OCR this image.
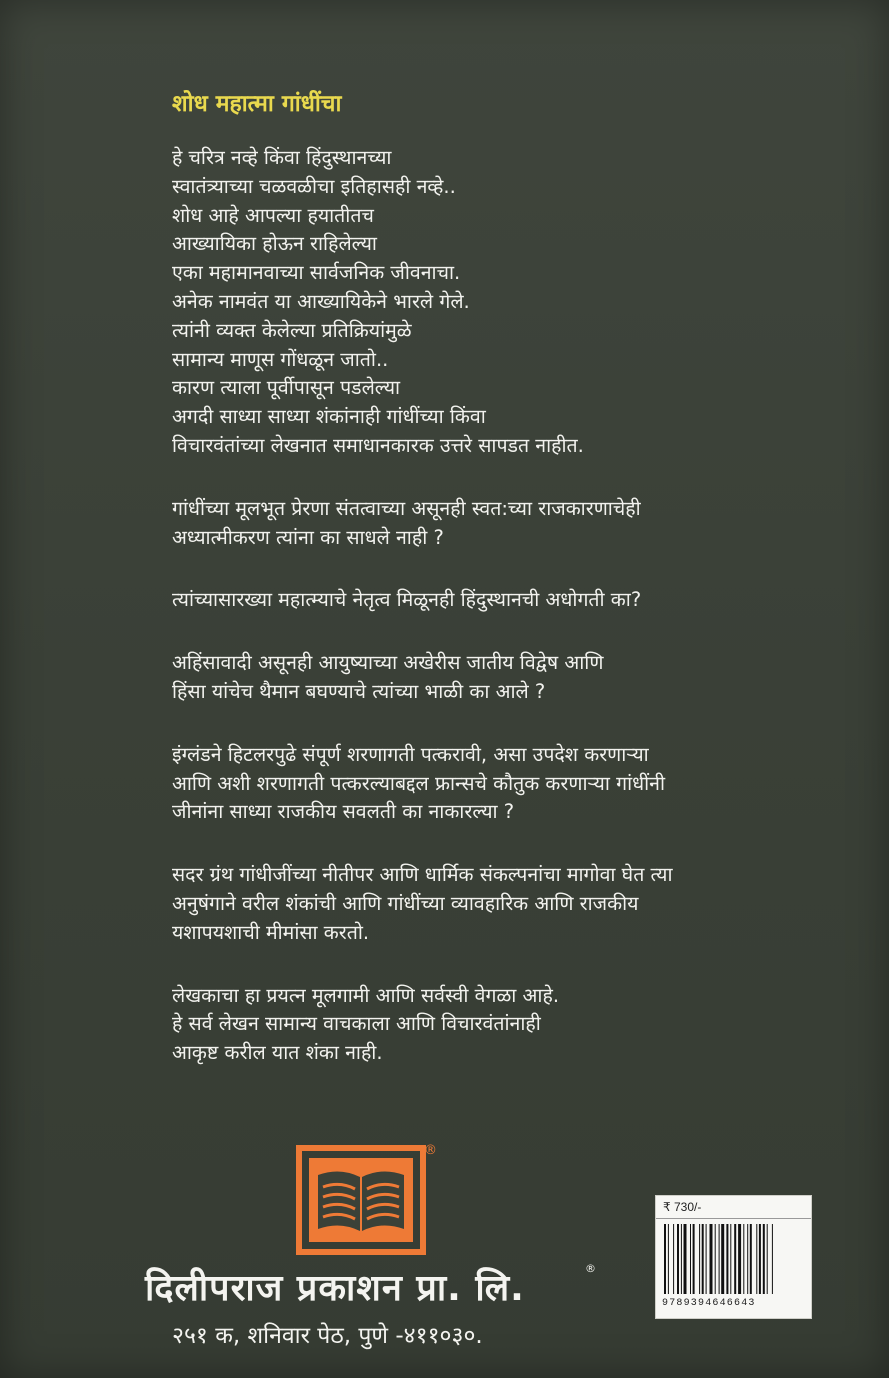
शोध महात्मा गांधींचा
हे चरित्र नव्हे किंवा हिंदुस्थानच्या
स्वातंत्र्याच्या चळवळीचा इतिहासही नव्हे..
शोध आहे आपल्या हयातीतच
आख्यायिका होऊन राहिलेल्या
एका महामानवाच्या सार्वजनिक जीवनाचा.
अनेक नामवंत या आख्यायिकेने भारले गेले.
त्यांनी व्यक्त केलेल्या प्रतिक्रियांमुळे
सामान्य माणूस गोंधळून जातो..
कारण त्याला पूर्वीपासून पडलेल्या
अगदी साध्या साध्या शंकांनाही गांधींच्या किंवा
विचारवंतांच्या लेखनात समाधानकारक उत्तरे सापडत नाहीत.
गांधींच्या मूलभूत प्रेरणा संतत्वाच्या असूनही स्वत:च्या राजकारणाचेही
अध्यात्मीकरण त्यांना का साधले नाही ?
त्यांच्यासारख्या महात्म्याचे नेतृत्व मिळूनही हिंदुस्थानची अधोगती का?
अहिंसावादी असूनही आयुष्याच्या अखेरीस जातीय विद्वेष आणि
हिंसा यांचेच थैमान बघण्याचे त्यांच्या भाळी का आले ?
इंग्लंडने हिटलरपुढे संपूर्ण शरणागती पत्करावी, असा उपदेश करणाऱ्या
आणि अशी शरणागती पत्करल्याबद्दल फ्रान्सचे कौतुक करणाऱ्या गांधींनी
जीनांना साध्या राजकीय सवलती का नाकारल्या ?
सदर ग्रंथ गांधीजींच्या नीतीपर आणि धार्मिक संकल्पनांचा मागोवा घेत त्या
अनुषंगाने वरील शंकांची आणि गांधींच्या व्यावहारिक आणि राजकीय
यशापयशाची मीमांसा करतो.
लेखकाचा हा प्रयत्न मूलगामी आणि सर्वस्वी वेगळा आहे.
हे सर्व लेखन सामान्य वाचकाला आणि विचारवंतांनाही
आकृष्ट करील यात शंका नाही.
®
दिलीपराज प्रकाशन प्रा. लि.	®
२५१ क, शनिवार पेठ, पुणे -४११०३०.
₹ 730/-
9789394646643
